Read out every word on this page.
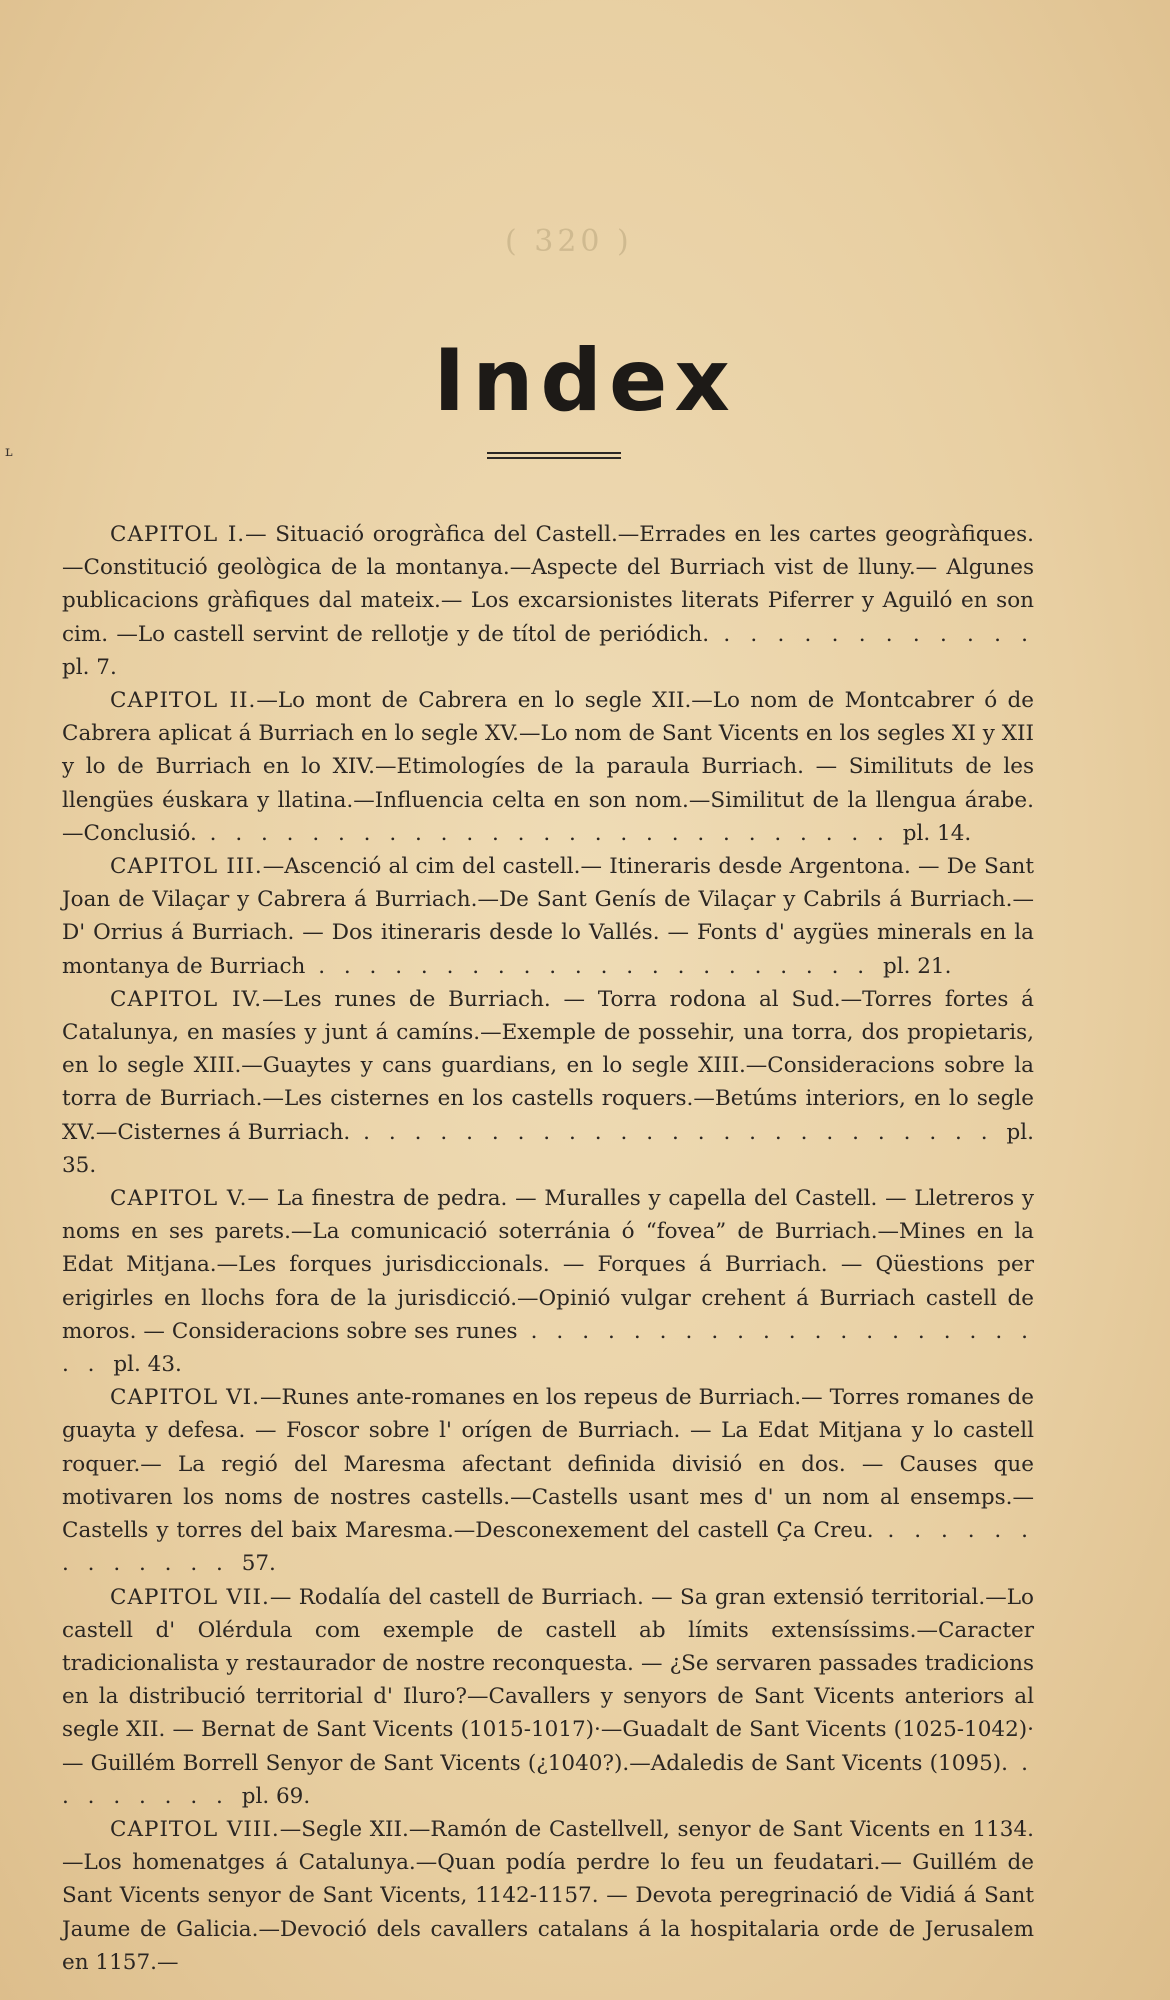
( 320 )
Index
ʟ

CAPITOL I.— Situació orogràfica del Castell.—Errades en les cartes geogràfiques.—Constitució geològica de la montanya.—Aspecte del Burriach vist de lluny.— Algunes publicacions gràfiques dal mateix.— Los excarsionistes literats Piferrer y Aguiló en son cim. —Lo castell servint de rellotje y de títol de periódich. . . . . . . . . . . . . pl. 7.

CAPITOL II.—Lo mont de Cabrera en lo segle XII.—Lo nom de Montcabrer ó de Cabrera aplicat á Burriach en lo segle XV.—Lo nom de Sant Vicents en los segles XI y XII y lo de Burriach en lo XIV.—Etimologíes de la paraula Burriach. — Similituts de les llengües éuskara y llatina.—Influencia celta en son nom.—Similitut de la llengua árabe.—Conclusió. . . . . . . . . . . . . . . . . . . . . . . . . . . . pl. 14.

CAPITOL III.—Ascenció al cim del castell.— Itineraris desde Argentona. — De Sant Joan de Vilaçar y Cabrera á Burriach.—De Sant Genís de Vilaçar y Cabrils á Burriach.—D' Orrius á Burriach. — Dos itineraris desde lo Vallés. — Fonts d' aygües minerals en la montanya de Burriach . . . . . . . . . . . . . . . . . . . . . . pl. 21.

CAPITOL IV.—Les runes de Burriach. — Torra rodona al Sud.—Torres fortes á Catalunya, en masíes y junt á camíns.—Exemple de possehir, una torra, dos propietaris, en lo segle XIII.—Guaytes y cans guardians, en lo segle XIII.—Consideracions sobre la torra de Burriach.—Les cisternes en los castells roquers.—Betúms interiors, en lo segle XV.—Cisternes á Burriach. . . . . . . . . . . . . . . . . . . . . . . . . . pl. 35.

CAPITOL V.— La finestra de pedra. — Muralles y capella del Castell. — Lletreros y noms en ses parets.—La comunicació soterránia ó “fovea” de Burriach.—Mines en la Edat Mitjana.—Les forques jurisdiccionals. — Forques á Burriach. — Qüestions per erigirles en llochs fora de la jurisdicció.—Opinió vulgar crehent á Burriach castell de moros. — Consideracions sobre ses runes . . . . . . . . . . . . . . . . . . . . . . pl. 43.

CAPITOL VI.—Runes ante-romanes en los repeus de Burriach.— Torres romanes de guayta y defesa. — Foscor sobre l' orígen de Burriach. — La Edat Mitjana y lo castell roquer.— La regió del Maresma afectant definida divisió en dos. — Causes que motivaren los noms de nostres castells.—Castells usant mes d' un nom al ensemps.—Castells y torres del baix Maresma.—Desconexement del castell Ça Creu. . . . . . . . . . . . . . 57.

CAPITOL VII.— Rodalía del castell de Burriach. — Sa gran extensió territorial.—Lo castell d' Olérdula com exemple de castell ab límits extensíssims.—Caracter tradicionalista y restaurador de nostre reconquesta. — ¿Se servaren passades tradicions en la distribució territorial d' Iluro?—Cavallers y senyors de Sant Vicents anteriors al segle XII. — Bernat de Sant Vicents (1015-1017)·—Guadalt de Sant Vicents (1025-1042)· — Guillém Borrell Senyor de Sant Vicents (¿1040?).—Adaledis de Sant Vicents (1095). . . . . . . . . pl. 69.

CAPITOL VIII.—Segle XII.—Ramón de Castellvell, senyor de Sant Vicents en 1134. —Los homenatges á Catalunya.—Quan podía perdre lo feu un feudatari.— Guillém de Sant Vicents senyor de Sant Vicents, 1142-1157. — Devota peregrinació de Vidiá á Sant Jaume de Galicia.—Devoció dels cavallers catalans á la hospitalaria orde de Jerusalem en 1157.—
